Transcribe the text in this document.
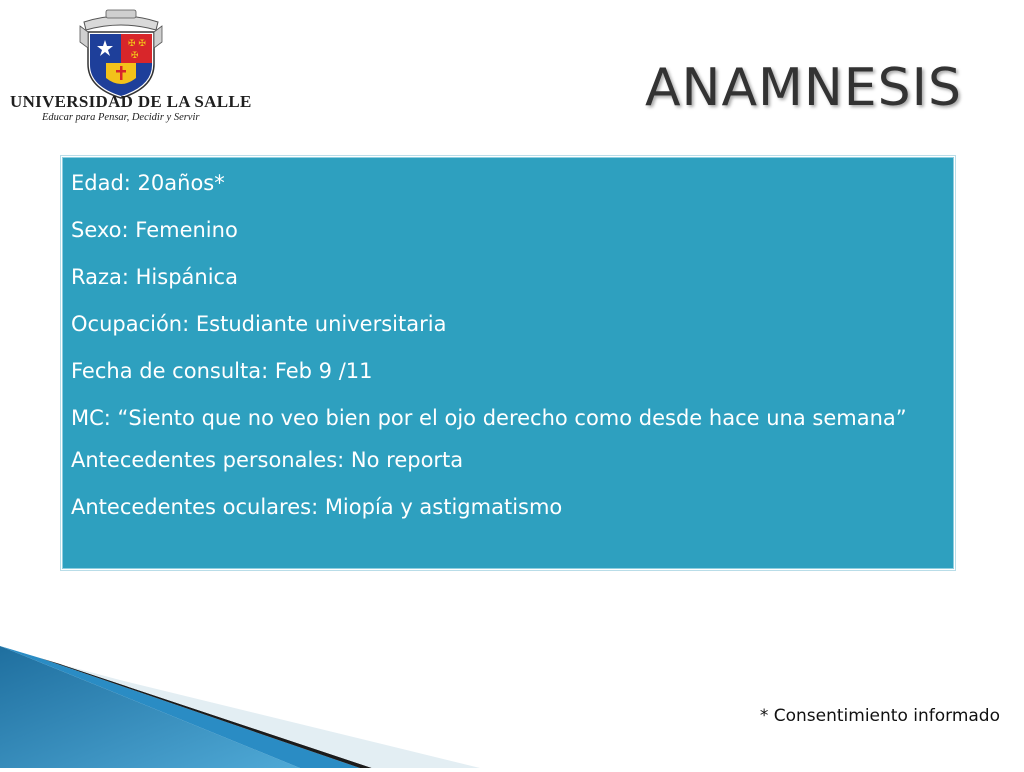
✠ ✠
✠
UNIVERSIDAD DE LA SALLE
Educar para Pensar, Decidir y Servir	ANAMNESIS

Edad: 20años*

Sexo: Femenino

Raza: Hispánica

Ocupación: Estudiante universitaria

Fecha de consulta: Feb 9 /11

MC: “Siento que no veo bien por el ojo derecho como desde hace una semana”

Antecedentes personales: No reporta

Antecedentes oculares: Miopía y astigmatismo

* Consentimiento informado
